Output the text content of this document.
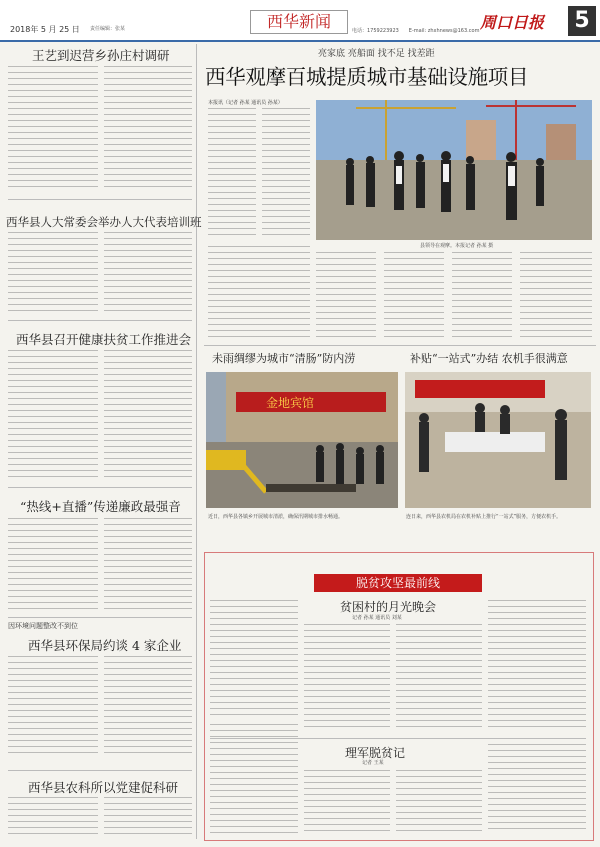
2018年 5 月 25 日 责任编辑：张某	西华新闻	电话：1759223923　　E-mail: zhxhnews@163.com 周口日报 5
王艺到迟营乡孙庄村调研
西华县人大常委会举办人大代表培训班
西华县召开健康扶贫工作推进会
“热线+直播”传递廉政最强音
因环境问题整改不到位
西华县环保局约谈 4 家企业
西华县农科所以党建促科研
亮家底 亮船面 找不足 找差距
西华观摩百城提质城市基础设施项目
本报讯（记者 孙某 通讯员 孙某）
县领导在观摩。本报记者 孙某 摄
未雨绸缪为城市“清肠”防内涝	补贴“一站式”办结 农机手很满意
金地宾馆
近日，西华县各镇乡开展城市清淤，确保汛期城市排水畅通。	连日来，西华县农机局在农机补贴上推行“一站式”服务，方便农机手。
脱贫攻坚最前线
贫困村的月光晚会
记者 孙某 通讯员 刘某
理军脱贫记
记者 王某
